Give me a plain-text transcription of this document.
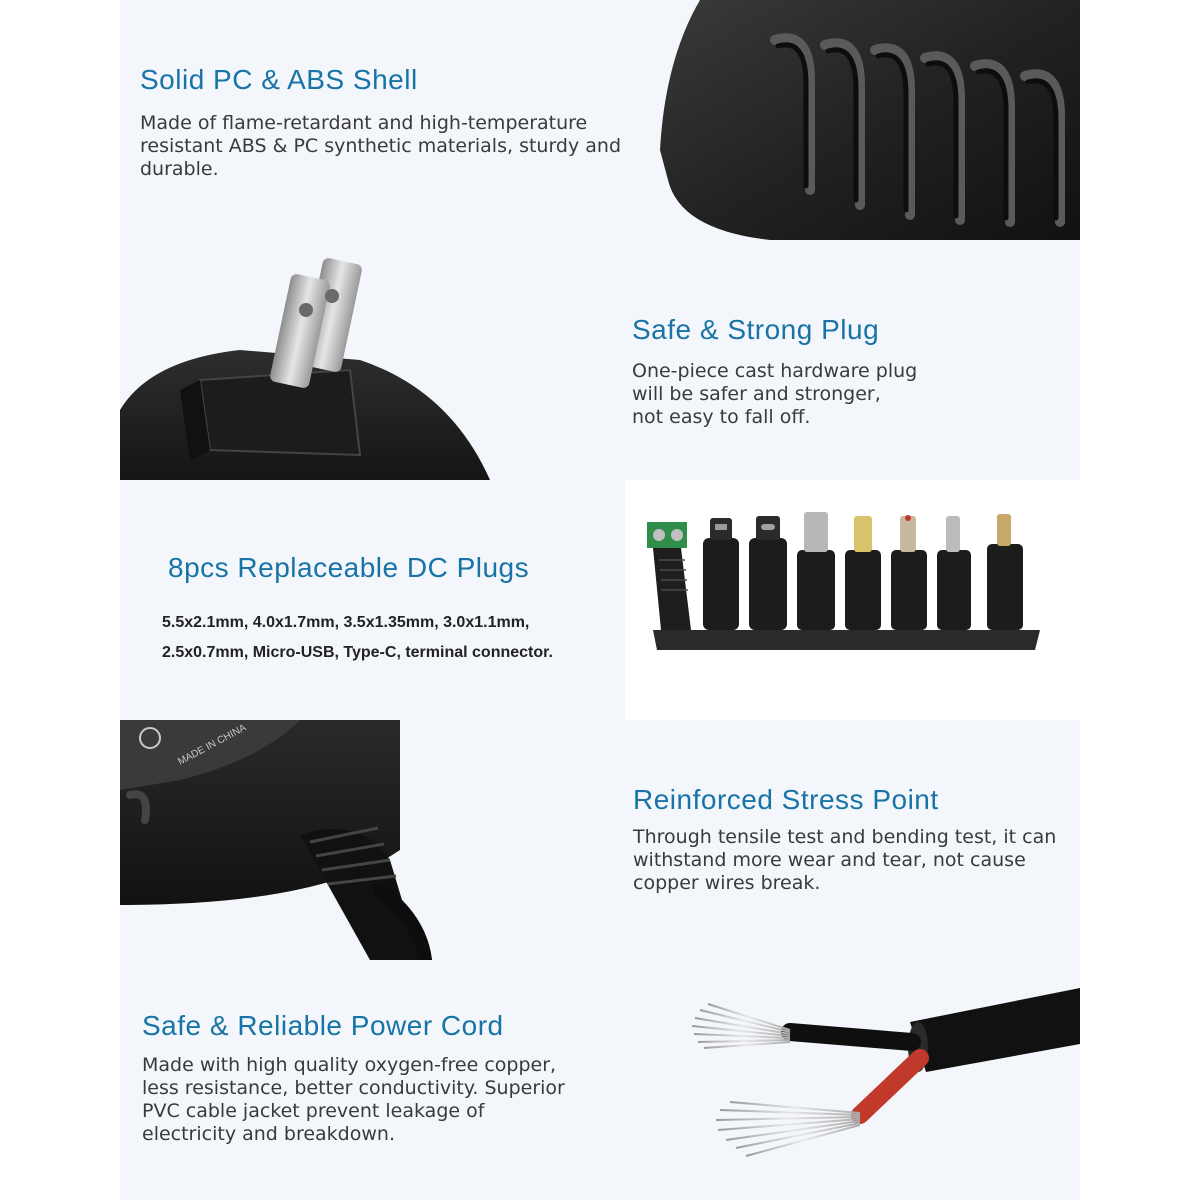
Solid PC & ABS Shell
Made of flame-retardant and high-temperature
resistant ABS & PC synthetic materials, sturdy and
durable.
Safe & Strong Plug
One-piece cast hardware plug
will be safer and stronger,
not easy to fall off.
8pcs Replaceable DC Plugs
5.5x2.1mm, 4.0x1.7mm, 3.5x1.35mm, 3.0x1.1mm,
2.5x0.7mm, Micro-USB, Type-C, terminal connector.
MADE IN CHINA
Reinforced Stress Point
Through tensile test and bending test, it can
withstand more wear and tear, not cause
copper wires break.
Safe & Reliable Power Cord
Made with high quality oxygen-free copper,
less resistance, better conductivity. Superior
PVC cable jacket prevent leakage of
electricity and breakdown.
